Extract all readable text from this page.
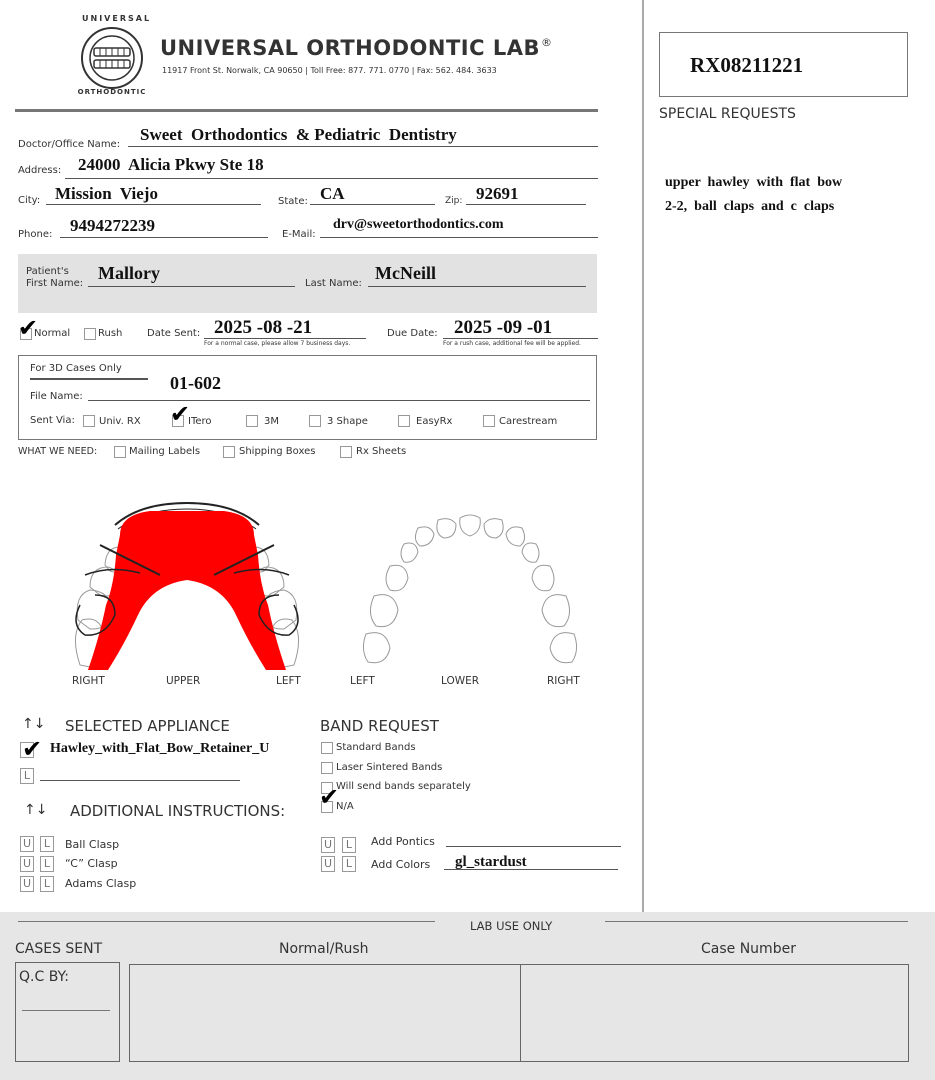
UNIVERSAL
ORTHODONTIC
UNIVERSAL ORTHODONTIC LAB ®
11917 Front St. Norwalk, CA 90650 | Toll Free: 877. 771. 0770 | Fax: 562. 484. 3633	RX08211221
SPECIAL REQUESTS
upper  hawley  with  flat  bow
2-2,  ball  claps  and  c  claps
Doctor/Office Name:
Sweet  Orthodontics  & Pediatric  Dentistry
Address: 24000  Alicia Pkwy Ste 18
City: Mission  Viejo	State: CA	Zip: 92691
Phone: 9494272239	E-Mail:
drv@sweetorthodontics.com
Patient's
First Name:
Mallory
Last Name:
McNeill
✔
Normal	Rush Date Sent: 2025 -08 -21
For a normal case, please allow 7 business days.
Due Date: 2025 -09 -01
For a rush case, additional fee will be applied.
For 3D Cases Only
01-602
File Name:
Sent Via: Univ. RX ✔
ITero	3M	3 Shape	EasyRx	Carestream
WHAT WE NEED:	Mailing Labels	Shipping Boxes	Rx Sheets
RIGHT	UPPER	LEFT	LEFT	LOWER	RIGHT
↑↓ SELECTED APPLIANCE
✔ Hawley_with_Flat_Bow_Retainer_U
L
BAND REQUEST
Standard Bands
Laser Sintered Bands
Will send bands separately
✔
N/A
↑↓ ADDITIONAL INSTRUCTIONS:
U	L	Ball Clasp
U	L	“C” Clasp
U	L	Adams Clasp
U	L	Add Pontics
U	L	Add Colors gl_stardust
LAB USE ONLY
CASES SENT	Normal/Rush	Case Number
Q.C BY:
